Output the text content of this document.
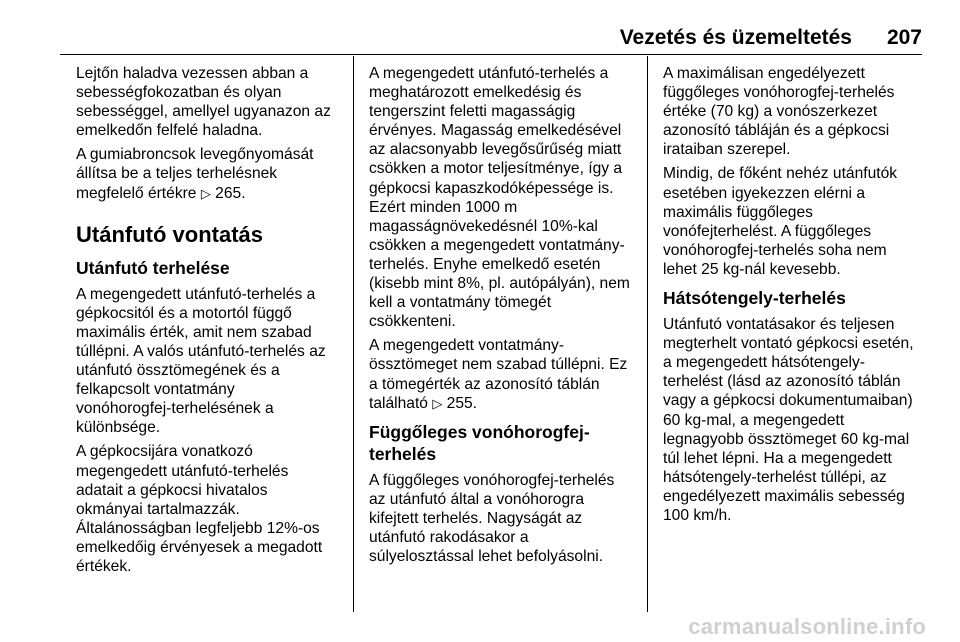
Vezetés és üzemeltetés 207

Lejtőn haladva vezessen abban a
sebességfokozatban és olyan
sebességgel, amellyel ugyanazon az
emelkedőn felfelé haladna.

A gumiabroncsok levegőnyomását
állítsa be a teljes terhelésnek
megfelelő értékre ▷ 265.

Utánfutó vontatás
Utánfutó terhelése

A megengedett utánfutó-terhelés a
gépkocsitól és a motortól függő
maximális érték, amit nem szabad
túllépni. A valós utánfutó-terhelés az
utánfutó össztömegének és a
felkapcsolt vontatmány
vonóhorogfej-terhelésének a
különbsége.

A gépkocsijára vonatkozó
megengedett utánfutó-terhelés
adatait a gépkocsi hivatalos
okmányai tartalmazzák.
Általánosságban legfeljebb 12%-os
emelkedőig érvényesek a megadott
értékek.

A megengedett utánfutó-terhelés a
meghatározott emelkedésig és
tengerszint feletti magasságig
érvényes. Magasság emelkedésével
az alacsonyabb levegősűrűség miatt
csökken a motor teljesítménye, így a
gépkocsi kapaszkodóképessége is.
Ezért minden 1000 m
magasságnövekedésnél 10%-kal
csökken a megengedett vontatmány-
terhelés. Enyhe emelkedő esetén
(kisebb mint 8%, pl. autópályán), nem
kell a vontatmány tömegét
csökkenteni.

A megengedett vontatmány-
össztömeget nem szabad túllépni. Ez
a tömegérték az azonosító táblán
található ▷ 255.

Függőleges vonóhorogfej-
terhelés

A függőleges vonóhorogfej-terhelés
az utánfutó által a vonóhorogra
kifejtett terhelés. Nagyságát az
utánfutó rakodásakor a
súlyelosztással lehet befolyásolni.

A maximálisan engedélyezett
függőleges vonóhorogfej-terhelés
értéke (70 kg) a vonószerkezet
azonosító tábláján és a gépkocsi
irataiban szerepel.

Mindig, de főként nehéz utánfutók
esetében igyekezzen elérni a
maximális függőleges
vonófejterhelést. A függőleges
vonóhorogfej-terhelés soha nem
lehet 25 kg-nál kevesebb.

Hátsótengely-terhelés

Utánfutó vontatásakor és teljesen
megterhelt vontató gépkocsi esetén,
a megengedett hátsótengely-
terhelést (lásd az azonosító táblán
vagy a gépkocsi dokumentumaiban)
60 kg-mal, a megengedett
legnagyobb össztömeget 60 kg-mal
túl lehet lépni. Ha a megengedett
hátsótengely-terhelést túllépi, az
engedélyezett maximális sebesség
100 km/h.

carmanualsonline.info
